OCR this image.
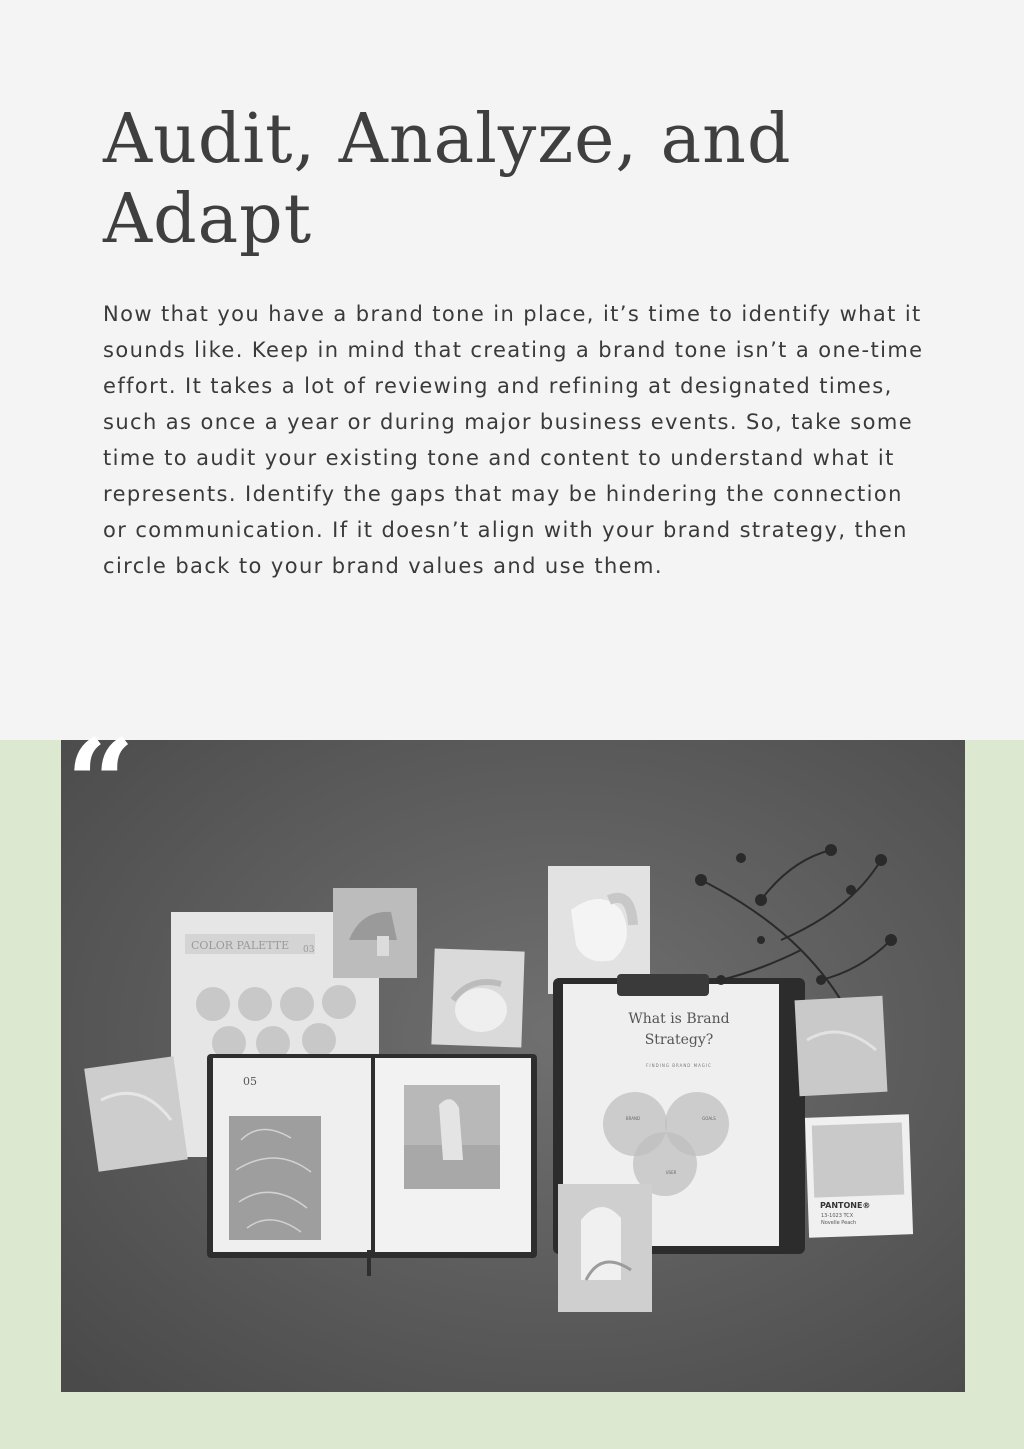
Audit, Analyze, and Adapt

Now that you have a brand tone in place, it’s time to identify what it sounds like. Keep in mind that creating a brand tone isn’t a one-time effort. It takes a lot of reviewing and refining at designated times, such as once a year or during major business events. So, take some time to audit your existing tone and content to understand what it represents. Identify the gaps that may be hindering the connection or communication. If it doesn’t align with your brand strategy, then circle back to your brand values and use them.

COLOR PALETTE 03
05
What is Brand
Strategy?
FINDING BRAND MAGIC
BRAND	GOALS
USER
PANTONE®
13-1023 TCX
Novelle Peach
“
